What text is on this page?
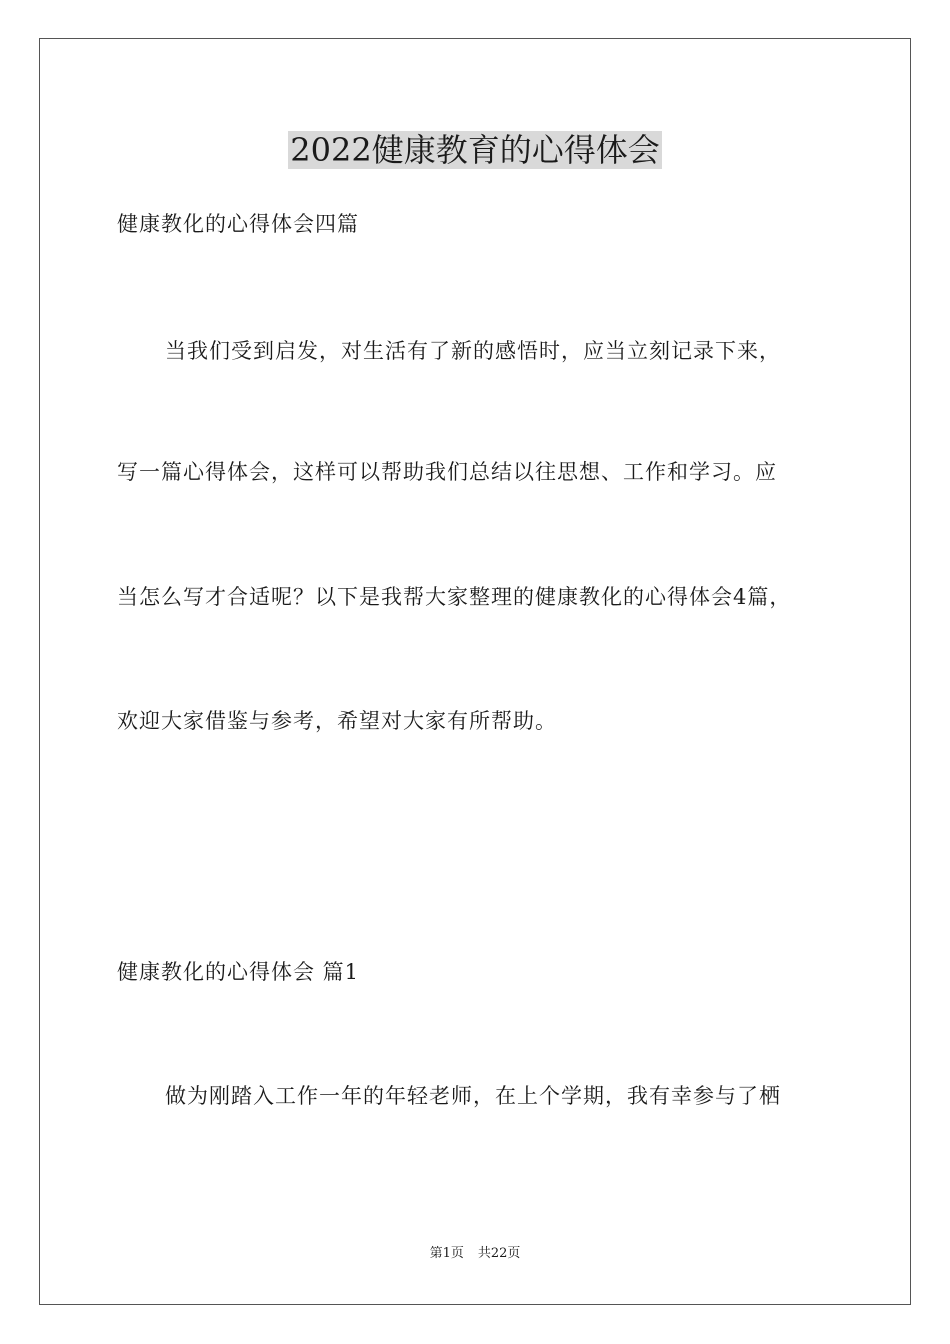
2022健康教育的心得体会

健康教化的心得体会四篇

当我们受到启发，对生活有了新的感悟时，应当立刻记录下来，

写一篇心得体会，这样可以帮助我们总结以往思想、工作和学习。应

当怎么写才合适呢？以下是我帮大家整理的健康教化的心得体会4篇，

欢迎大家借鉴与参考，希望对大家有所帮助。

健康教化的心得体会 篇1

做为刚踏入工作一年的年轻老师，在上个学期，我有幸参与了栖

第1页 共22页
